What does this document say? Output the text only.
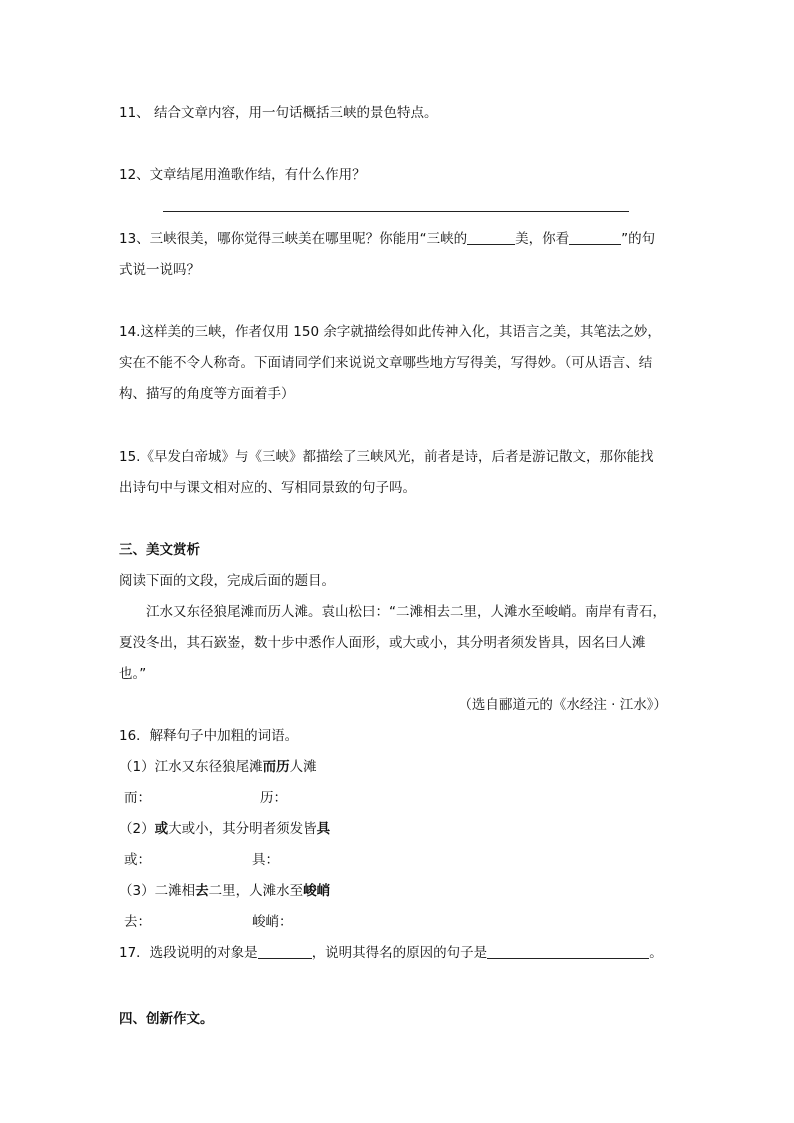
11、 结合文章内容，用一句话概括三峡的景色特点。
12、文章结尾用渔歌作结，有什么作用？
13、三峡很美，哪你觉得三峡美在哪里呢？你能用“三峡的	美，你看	”的句
式说一说吗？
14.这样美的三峡，作者仅用 150 余字就描绘得如此传神入化，其语言之美，其笔法之妙，
实在不能不令人称奇。下面请同学们来说说文章哪些地方写得美，写得妙。（可从语言、结
构、描写的角度等方面着手）
15.《早发白帝城》与《三峡》都描绘了三峡风光，前者是诗，后者是游记散文，那你能找
出诗句中与课文相对应的、写相同景致的句子吗。
三、美文赏析
阅读下面的文段，完成后面的题目。
江水又东径狼尾滩而历人滩。袁山松曰：“二滩相去二里，人滩水至峻峭。南岸有青石，
夏没冬出，其石嶔崟，数十步中悉作人面形，或大或小，其分明者须发皆具，因名曰人滩
也。”
（选自郦道元的《水经注 · 江水》）
16．解释句子中加粗的词语。
（1）江水又东径狼尾滩而历人滩
而：	历：
（2）或大或小，其分明者须发皆具
或：	具：
（3）二滩相去二里，人滩水至峻峭
去：	峻峭：
17．选段说明的对象是	，说明其得名的原因的句子是	。
四、创新作文。
